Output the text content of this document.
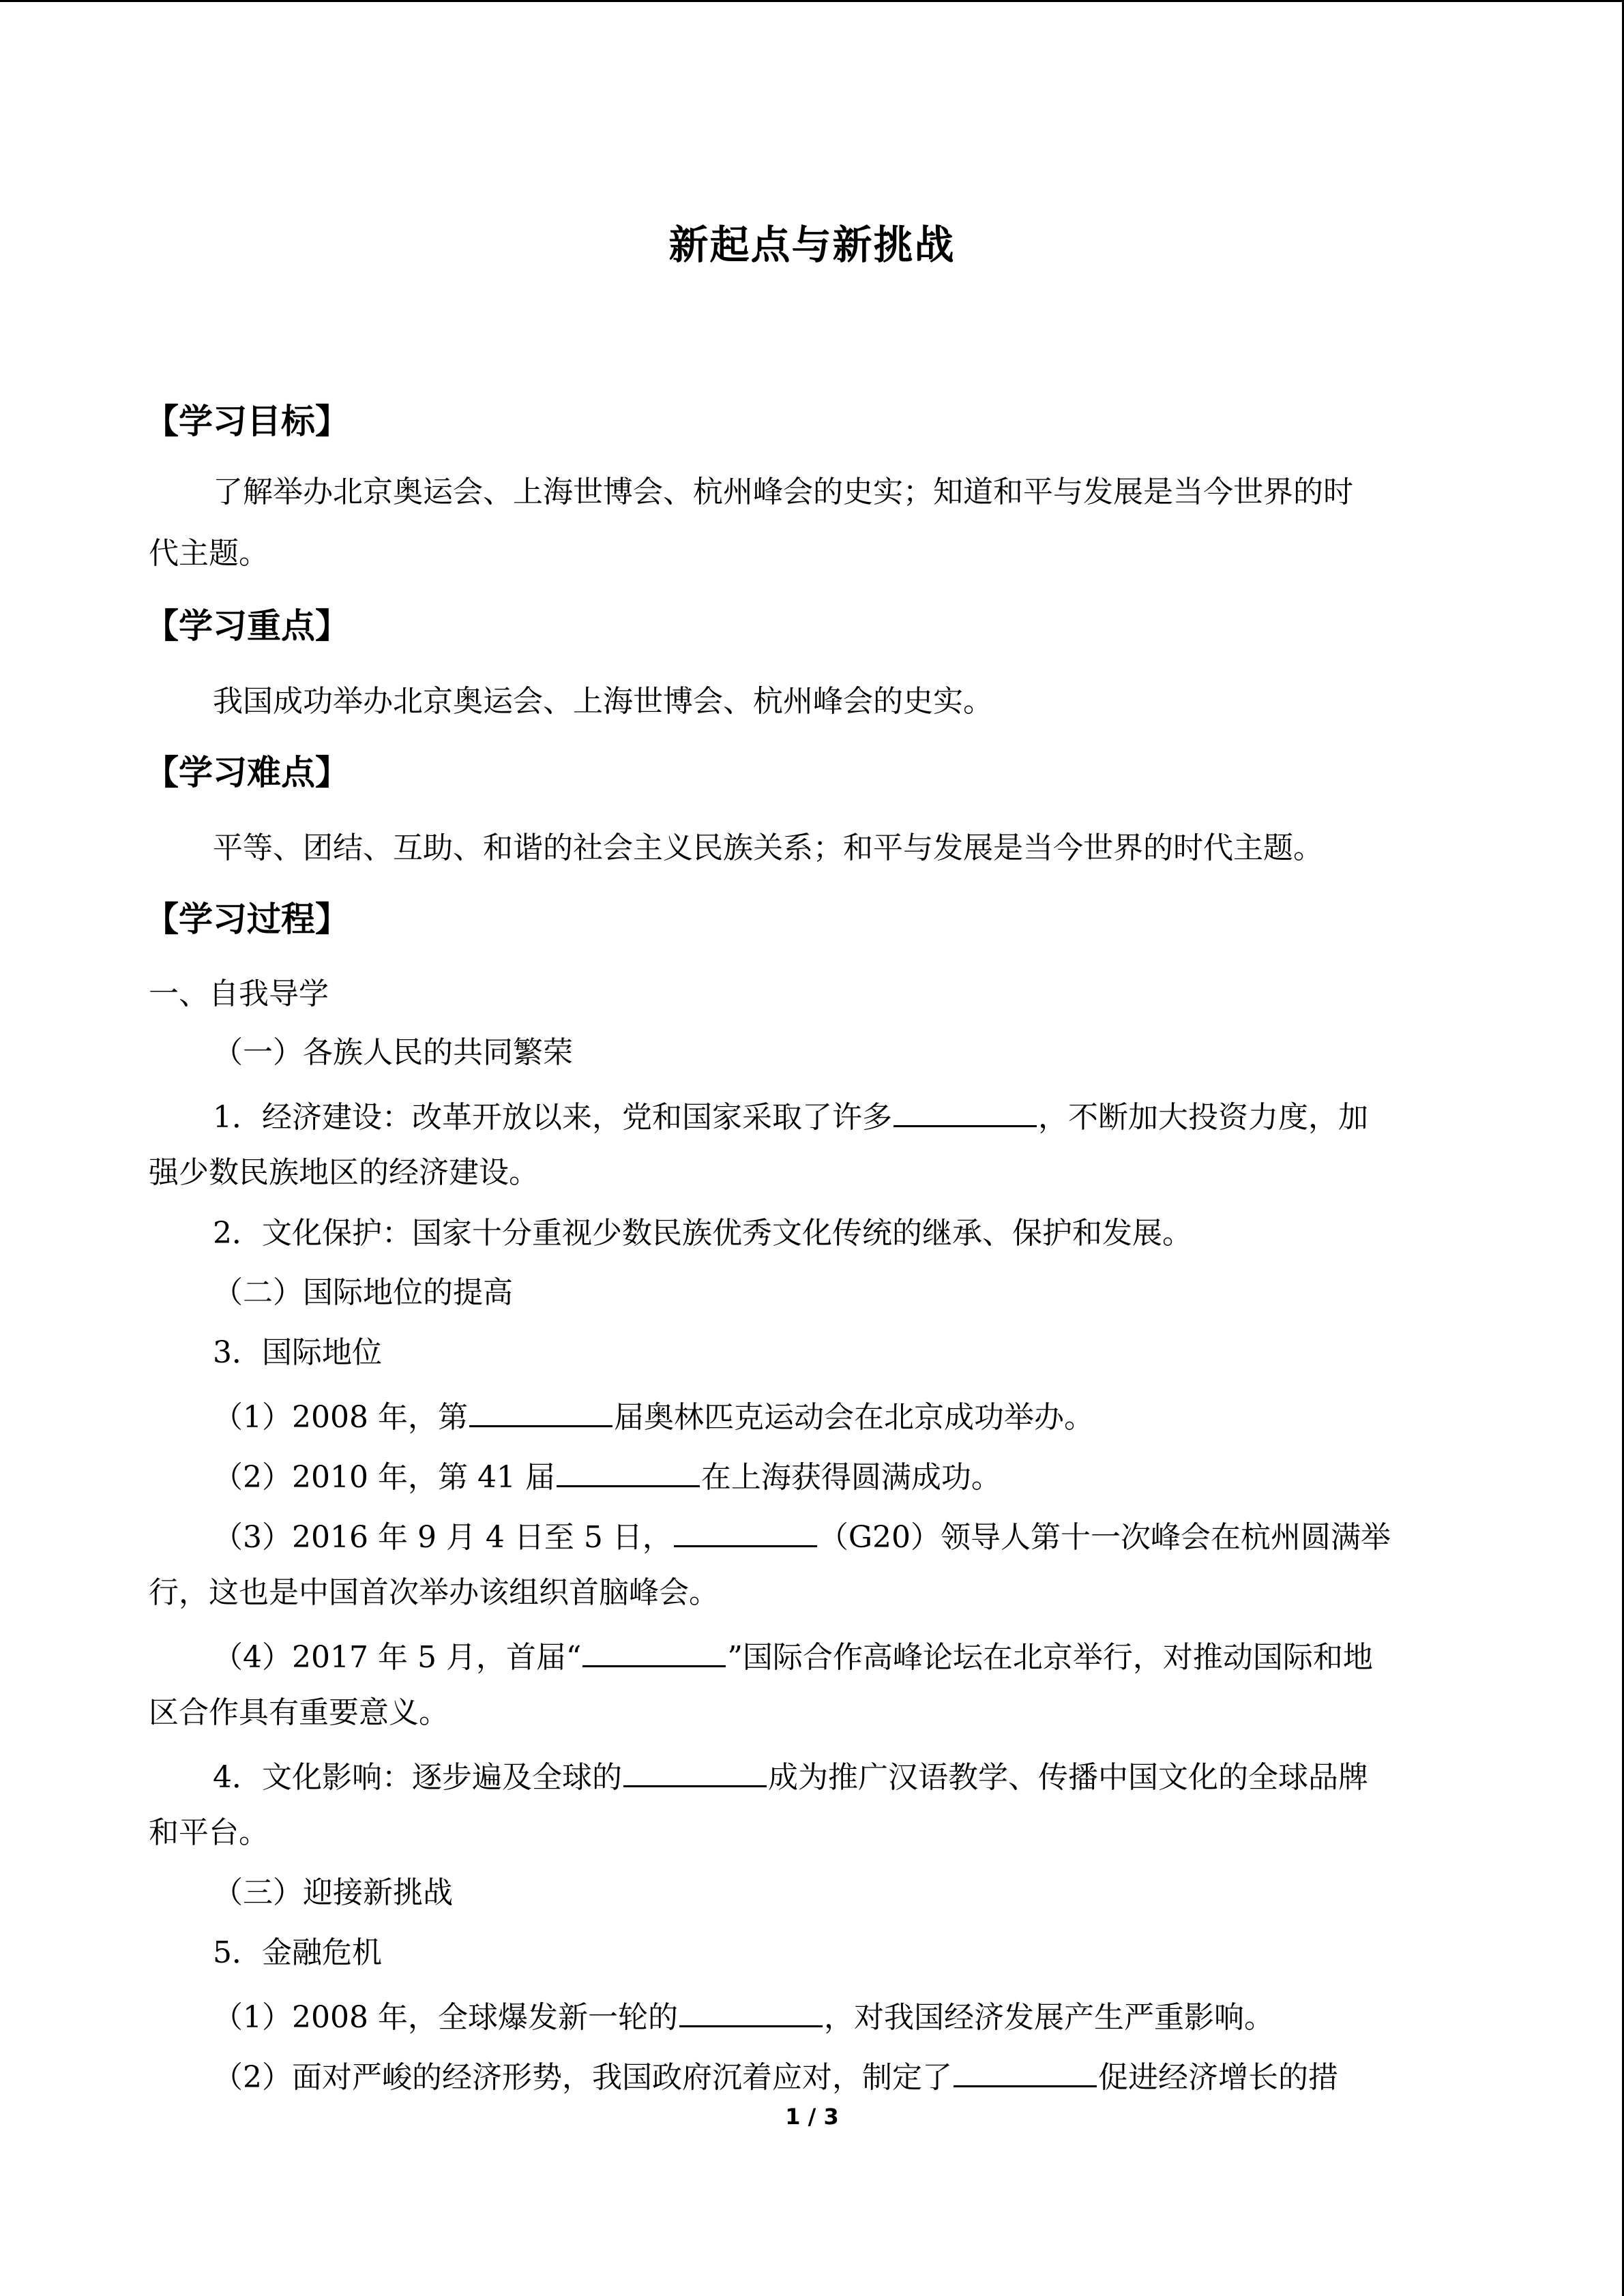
新起点与新挑战
【学习目标】
了解举办北京奥运会、上海世博会、杭州峰会的史实；知道和平与发展是当今世界的时
代主题。
【学习重点】
我国成功举办北京奥运会、上海世博会、杭州峰会的史实。
【学习难点】
平等、团结、互助、和谐的社会主义民族关系；和平与发展是当今世界的时代主题。
【学习过程】
一、自我导学
（一）各族人民的共同繁荣
1．经济建设：改革开放以来，党和国家采取了许多	，不断加大投资力度，加
强少数民族地区的经济建设。
2．文化保护：国家十分重视少数民族优秀文化传统的继承、保护和发展。
（二）国际地位的提高
3．国际地位
（1）2008 年，第	届奥林匹克运动会在北京成功举办。
（2）2010 年，第 41 届	在上海获得圆满成功。
（3）2016 年 9 月 4 日至 5 日，	（G20）领导人第十一次峰会在杭州圆满举
行，这也是中国首次举办该组织首脑峰会。
（4）2017 年 5 月，首届“	”国际合作高峰论坛在北京举行，对推动国际和地
区合作具有重要意义。
4．文化影响：逐步遍及全球的	成为推广汉语教学、传播中国文化的全球品牌
和平台。
（三）迎接新挑战
5．金融危机
（1）2008 年，全球爆发新一轮的	，对我国经济发展产生严重影响。
（2）面对严峻的经济形势，我国政府沉着应对，制定了	促进经济增长的措
1 / 3
